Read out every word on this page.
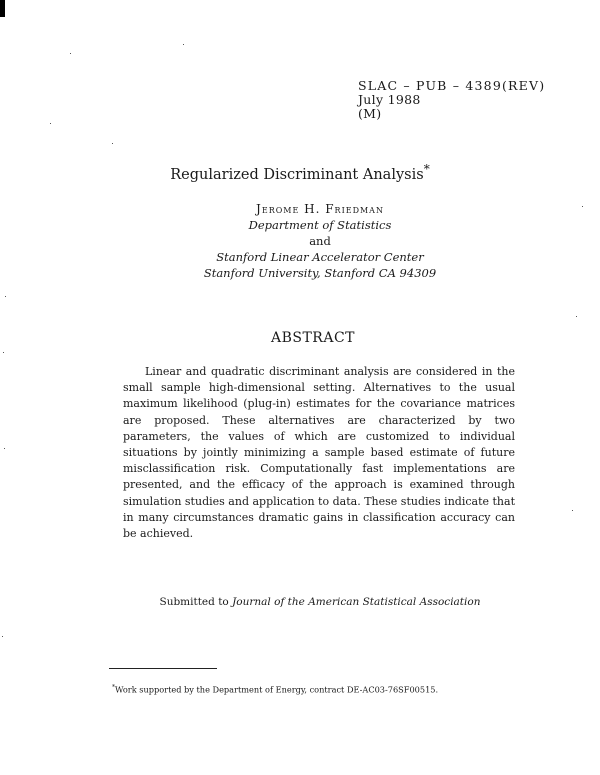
SLAC – PUB – 4389(REV)
July 1988
(M)
Regularized Discriminant Analysis*
Jerome H. Friedman
Department of Statistics
and
Stanford Linear Accelerator Center
Stanford University, Stanford CA 94309
ABSTRACT

Linear and quadratic discriminant analysis are considered in the small sample high-dimensional setting. Alternatives to the usual maximum likelihood (plug-in) estimates for the covariance matrices are proposed. These alternatives are characterized by two parameters, the values of which are customized to individual situations by jointly minimizing a sample based estimate of future misclassification risk. Computationally fast implementations are presented, and the efficacy of the approach is examined through simulation studies and application to data. These studies indicate that in many circumstances dramatic gains in classification accuracy can be achieved.

Submitted to Journal of the American Statistical Association
*Work supported by the Department of Energy, contract DE-AC03-76SF00515.
